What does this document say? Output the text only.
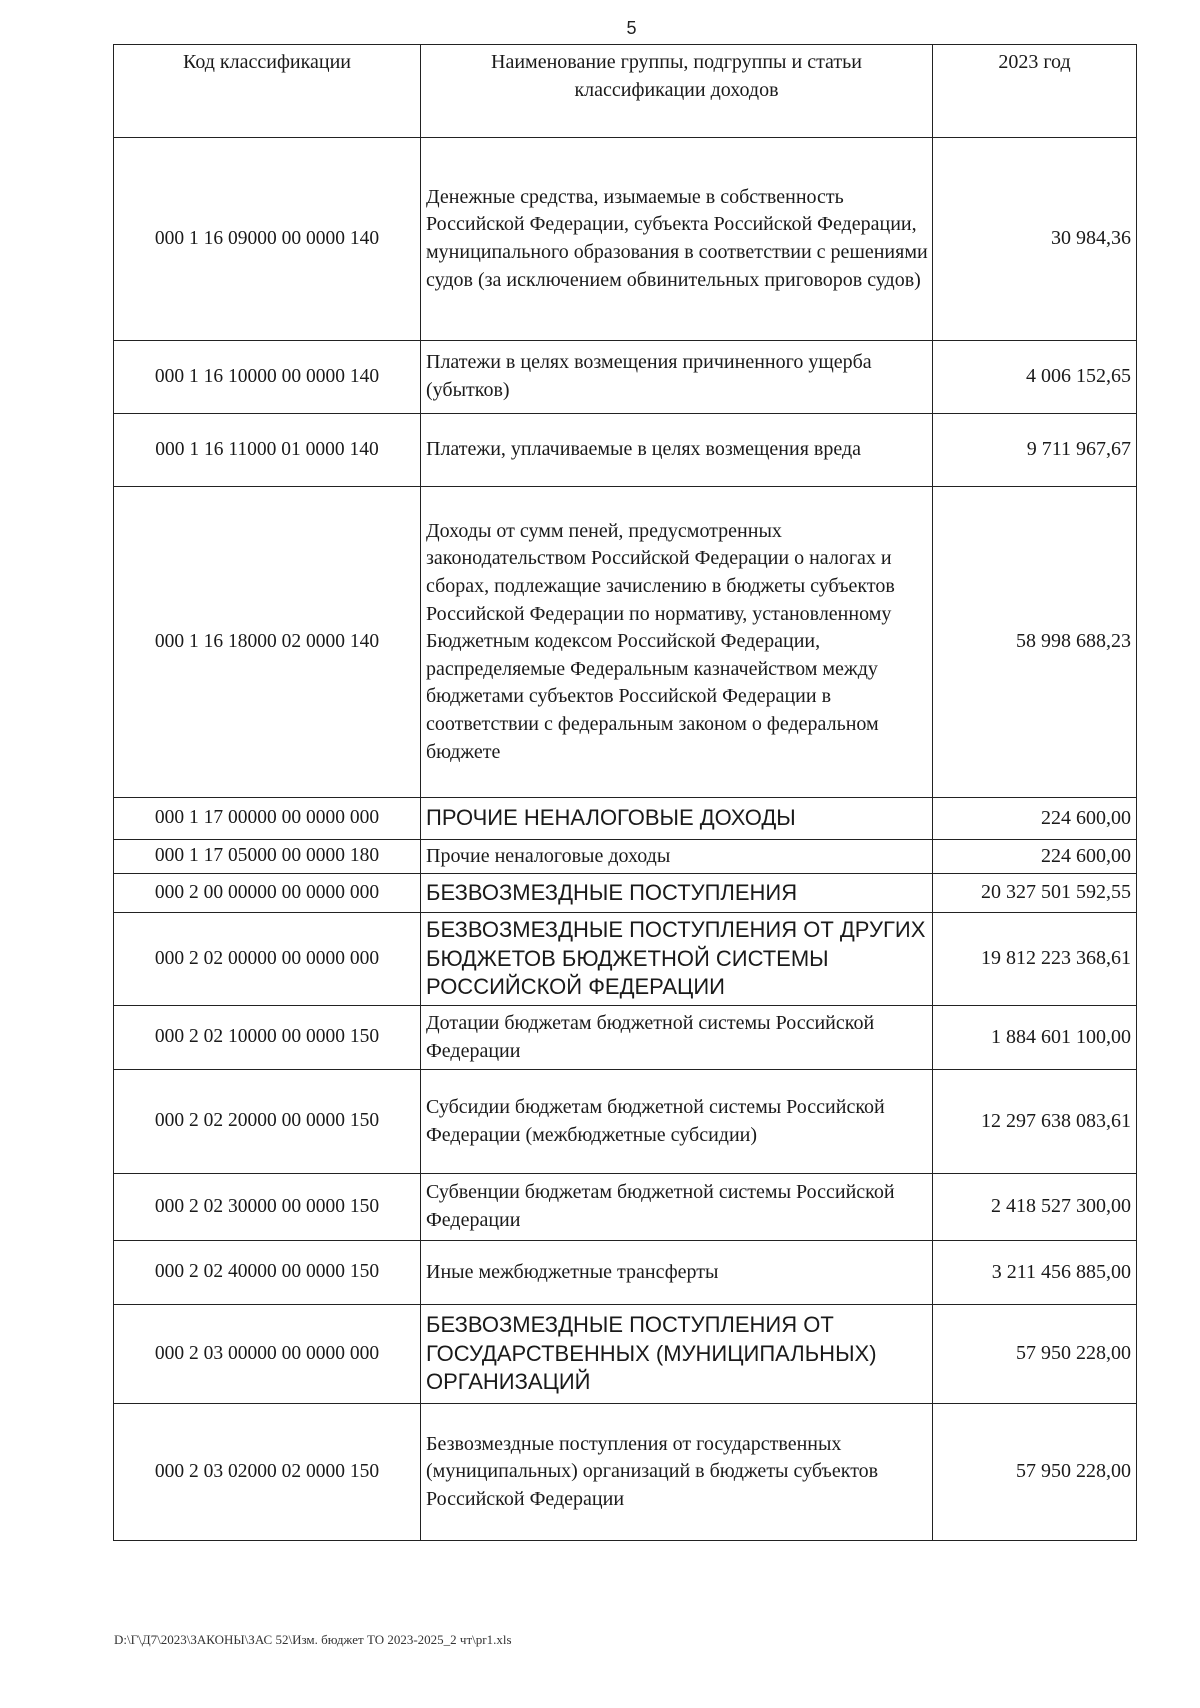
5
Код классификации	Наименование группы, подгруппы и статьи классификации доходов	2023 год
000 1 16 09000 00 0000 140	Денежные средства, изымаемые в собственность Российской Федерации, субъекта Российской Федерации, муниципального образования в соответствии с решениями судов (за исключением обвинительных приговоров судов)	30 984,36
000 1 16 10000 00 0000 140	Платежи в целях возмещения причиненного ущерба (убытков)	4 006 152,65
000 1 16 11000 01 0000 140	Платежи, уплачиваемые в целях возмещения вреда	9 711 967,67
000 1 16 18000 02 0000 140	Доходы от сумм пеней, предусмотренных законодательством Российской Федерации о налогах и сборах, подлежащие зачислению в бюджеты субъектов Российской Федерации по нормативу, установленному Бюджетным кодексом Российской Федерации, распределяемые Федеральным казначейством между бюджетами субъектов Российской Федерации в соответствии с федеральным законом о федеральном бюджете	58 998 688,23
000 1 17 00000 00 0000 000	ПРОЧИЕ НЕНАЛОГОВЫЕ ДОХОДЫ	224 600,00
000 1 17 05000 00 0000 180	Прочие неналоговые доходы	224 600,00
000 2 00 00000 00 0000 000	БЕЗВОЗМЕЗДНЫЕ ПОСТУПЛЕНИЯ	20 327 501 592,55
000 2 02 00000 00 0000 000	БЕЗВОЗМЕЗДНЫЕ ПОСТУПЛЕНИЯ ОТ ДРУГИХ БЮДЖЕТОВ БЮДЖЕТНОЙ СИСТЕМЫ РОССИЙСКОЙ ФЕДЕРАЦИИ	19 812 223 368,61
000 2 02 10000 00 0000 150	Дотации бюджетам бюджетной системы Российской Федерации	1 884 601 100,00
000 2 02 20000 00 0000 150	Субсидии бюджетам бюджетной системы Российской Федерации (межбюджетные субсидии)	12 297 638 083,61
000 2 02 30000 00 0000 150	Субвенции бюджетам бюджетной системы Российской Федерации	2 418 527 300,00
000 2 02 40000 00 0000 150	Иные межбюджетные трансферты	3 211 456 885,00
000 2 03 00000 00 0000 000	БЕЗВОЗМЕЗДНЫЕ ПОСТУПЛЕНИЯ ОТ ГОСУДАРСТВЕННЫХ (МУНИЦИПАЛЬНЫХ) ОРГАНИЗАЦИЙ	57 950 228,00
000 2 03 02000 02 0000 150	Безвозмездные поступления от государственных (муниципальных) организаций в бюджеты субъектов Российской Федерации	57 950 228,00
D:\Г\Д7\2023\ЗАКОНЫ\ЗАС 52\Изм. бюджет ТО 2023-2025_2 чт\pr1.xls
